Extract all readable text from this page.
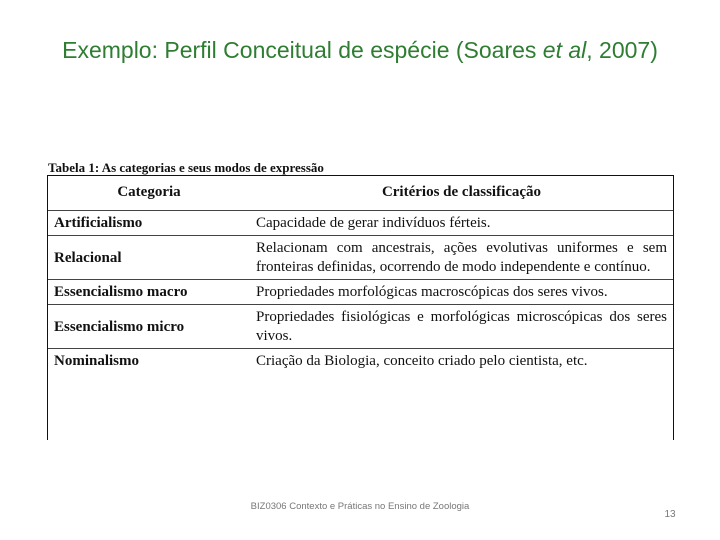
Exemplo: Perfil Conceitual de espécie (Soares et al, 2007)
Tabela 1: As categorias e seus modos de expressão
Categoria	Critérios de classificação
Artificialismo	Capacidade de gerar indivíduos férteis.
Relacional	Relacionam com ancestrais, ações evolutivas uniformes e sem fronteiras definidas, ocorrendo de modo independente e contínuo.
Essencialismo macro	Propriedades morfológicas macroscópicas dos seres vivos.
Essencialismo micro	Propriedades fisiológicas e morfológicas microscópicas dos seres vivos.
Nominalismo	Criação da Biologia, conceito criado pelo cientista, etc.
BIZ0306 Contexto e Práticas no Ensino de Zoologia
13
